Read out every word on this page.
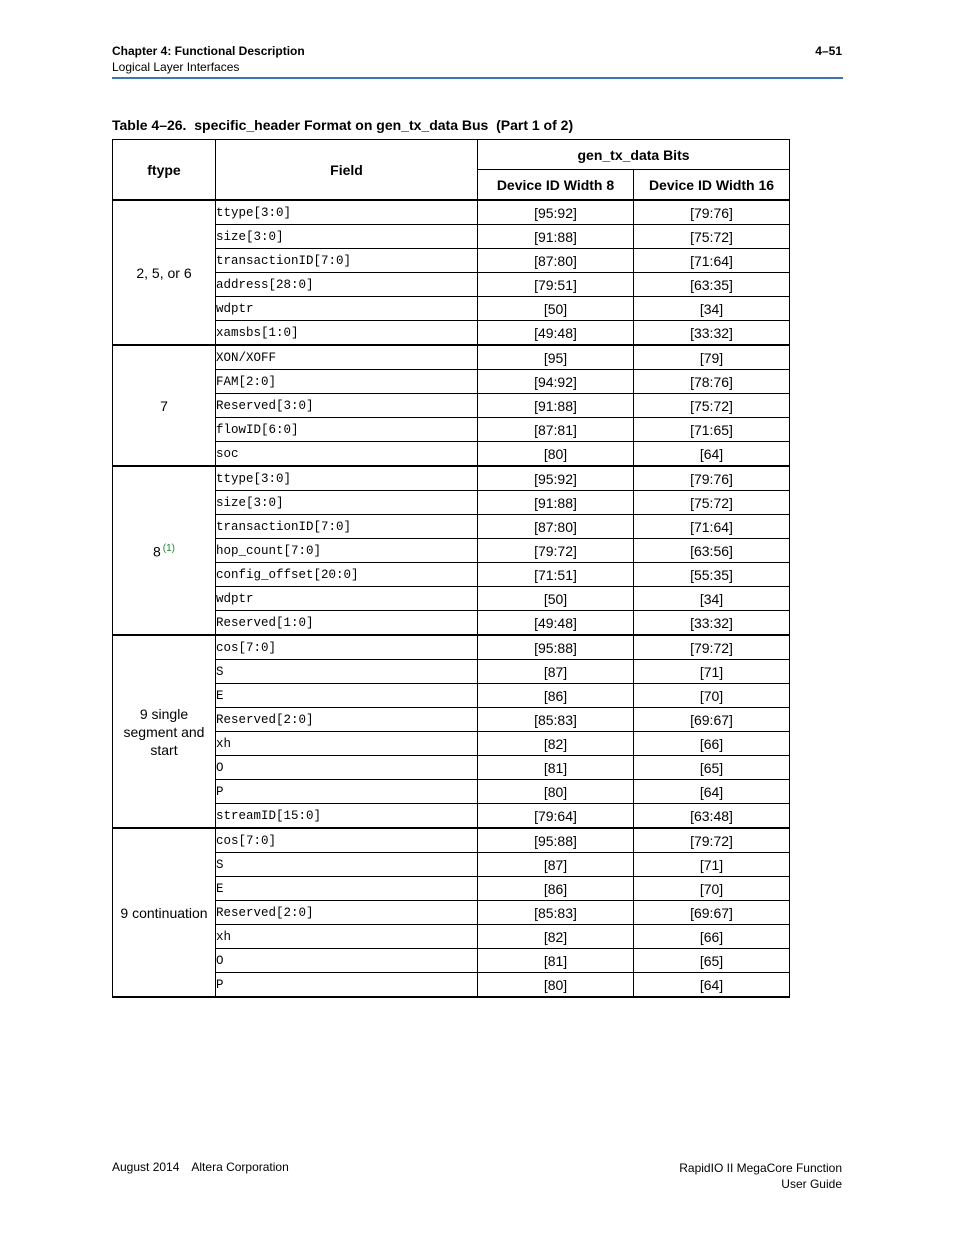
Chapter 4: Functional Description
Logical Layer Interfaces
4–51
Table 4–26.  specific_header Format on gen_tx_data Bus  (Part 1 of 2)
ftype	Field	gen_tx_data Bits	
		Device ID Width 8	Device ID Width 16
2, 5, or 6	ttype[3:0]	[95:92]	[79:76]
	size[3:0]	[91:88]	[75:72]
	transactionID[7:0]	[87:80]	[71:64]
	address[28:0]	[79:51]	[63:35]
	wdptr	[50]	[34]
	xamsbs[1:0]	[49:48]	[33:32]
7	XON/XOFF	[95]	[79]
	FAM[2:0]	[94:92]	[78:76]
	Reserved[3:0]	[91:88]	[75:72]
	flowID[6:0]	[87:81]	[71:65]
	soc	[80]	[64]
8 $^{(1)}$	ttype[3:0]	[95:92]	[79:76]
	size[3:0]	[91:88]	[75:72]
	transactionID[7:0]	[87:80]	[71:64]
	hop_count[7:0]	[79:72]	[63:56]
	config_offset[20:0]	[71:51]	[55:35]
	wdptr	[50]	[34]
	Reserved[1:0]	[49:48]	[33:32]
9 single segment and start	cos[7:0]	[95:88]	[79:72]
	S	[87]	[71]
	E	[86]	[70]
	Reserved[2:0]	[85:83]	[69:67]
	xh	[82]	[66]
	O	[81]	[65]
	P	[80]	[64]
	streamID[15:0]	[79:64]	[63:48]
9 continuation	cos[7:0]	[95:88]	[79:72]
	S	[87]	[71]
	E	[86]	[70]
	Reserved[2:0]	[85:83]	[69:67]
	xh	[82]	[66]
	O	[81]	[65]
	P	[80]	[64]
August 2014 Altera Corporation	RapidIO II MegaCore Function
User Guide
